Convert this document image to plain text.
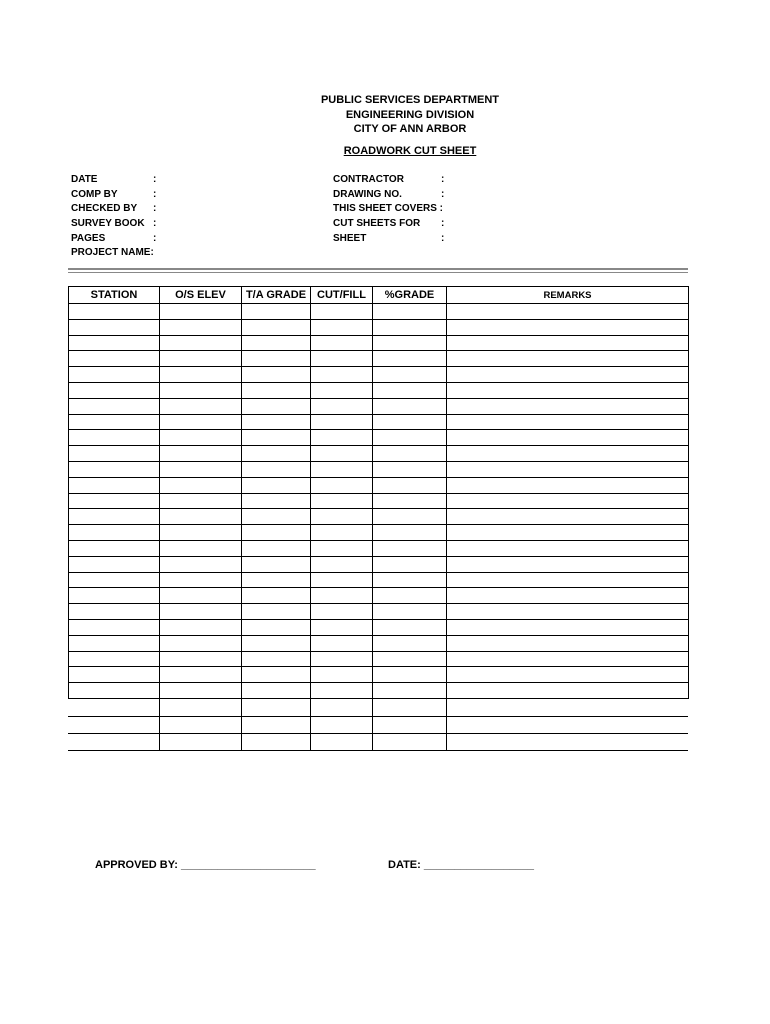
PUBLIC SERVICES DEPARTMENT
ENGINEERING DIVISION
CITY OF ANN ARBOR
ROADWORK CUT SHEET
DATE	:
COMP BY	:
CHECKED BY :
SURVEY BOOK :
PAGES	:
PROJECT NAME:
CONTRACTOR	:
DRAWING NO.	:
THIS SHEET COVERS :
CUT SHEETS FOR :
SHEET	:
STATION	O/S ELEV	T/A GRADE	CUT/FILL	%GRADE	REMARKS

APPROVED BY: ______________________	DATE: __________________
